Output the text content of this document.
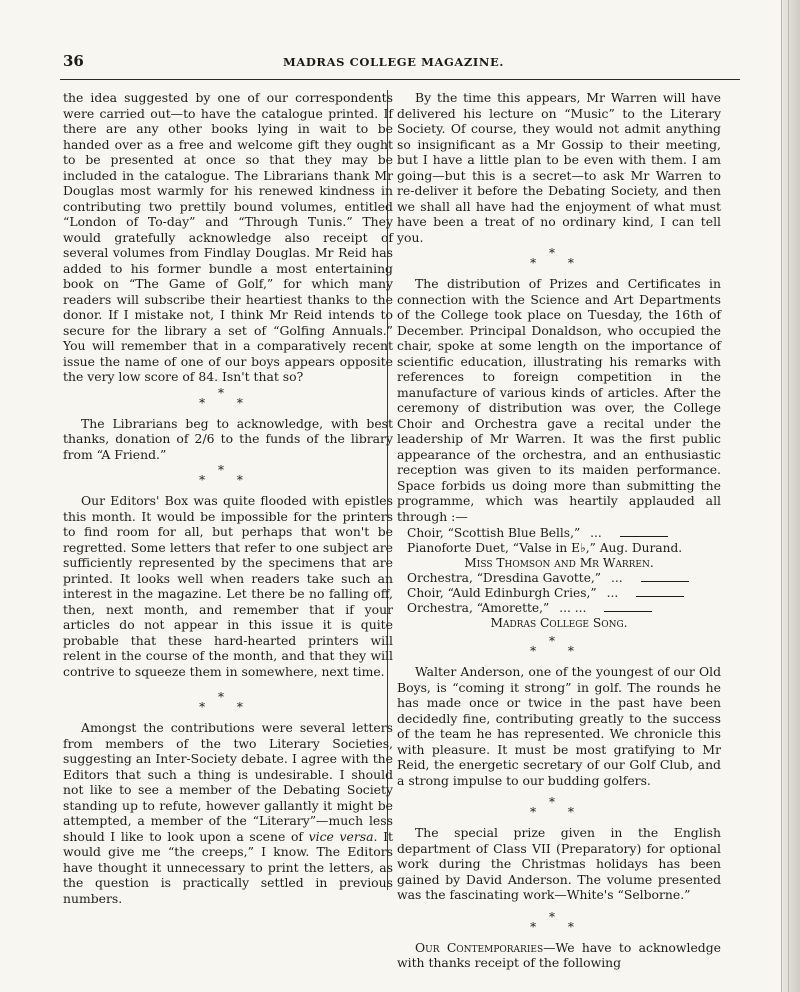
36	MADRAS COLLEGE MAGAZINE.

the idea suggested by one of our correspondents were carried out—to have the catalogue printed. If there are any other books lying in wait to be handed over as a free and welcome gift they ought to be presented at once so that they may be included in the catalogue. The Librarians thank Mr Douglas most warmly for his renewed kindness in contributing two prettily bound volumes, entitled “London of To-day” and “Through Tunis.” They would gratefully acknowledge also receipt of several volumes from Findlay Douglas. Mr Reid has added to his former bundle a most entertaining book on “The Game of Golf,” for which many readers will subscribe their heartiest thanks to the donor. If I mistake not, I think Mr Reid intends to secure for the library a set of “Golfing Annuals.” You will remember that in a comparatively recent issue the name of one of our boys appears opposite the very low score of 84. Isn't that so?

*
* *

The Librarians beg to acknowledge, with best thanks, donation of 2/6 to the funds of the library from “A Friend.”

*
* *

Our Editors' Box was quite flooded with epistles this month. It would be impossible for the printers to find room for all, but perhaps that won't be regretted. Some letters that refer to one subject are sufficiently represented by the specimens that are printed. It looks well when readers take such an interest in the magazine. Let there be no falling off, then, next month, and remember that if your articles do not appear in this issue it is quite probable that these hard-hearted printers will relent in the course of the month, and that they will contrive to squeeze them in somewhere, next time.

*
* *

Amongst the contributions were several letters from members of the two Literary Societies, suggesting an Inter-Society debate. I agree with the Editors that such a thing is undesirable. I should not like to see a member of the Debating Society standing up to refute, however gallantly it might be attempted, a member of the “Literary”—much less should I like to look upon a scene of vice versa. It would give me “the creeps,” I know. The Editors have thought it unnecessary to print the letters, as the question is practically settled in previous numbers.

By the time this appears, Mr Warren will have delivered his lecture on “Music” to the Literary Society. Of course, they would not admit anything so insignificant as a Mr Gossip to their meeting, but I have a little plan to be even with them. I am going—but this is a secret—to ask Mr Warren to re-deliver it before the Debating Society, and then we shall all have had the enjoyment of what must have been a treat of no ordinary kind, I can tell you.

*
* *

The distribution of Prizes and Certificates in connection with the Science and Art Departments of the College took place on Tuesday, the 16th of December. Principal Donaldson, who occupied the chair, spoke at some length on the importance of scientific education, illustrating his remarks with references to foreign competition in the manufacture of various kinds of articles. After the ceremony of distribution was over, the College Choir and Orchestra gave a recital under the leadership of Mr Warren. It was the first public appearance of the orchestra, and an enthusiastic reception was given to its maiden performance. Space forbids us doing more than submitting the programme, which was heartily applauded all through :—

Choir, “Scottish Blue Bells,” ...
Pianoforte Duet, “Valse in E♭,” Aug. Durand.
Miss Thomson and Mr Warren.
Orchestra, “Dresdina Gavotte,” ...
Choir, “Auld Edinburgh Cries,” ...
Orchestra, “Amorette,” ... ...
Madras College Song.
*
* *

Walter Anderson, one of the youngest of our Old Boys, is “coming it strong” in golf. The rounds he has made once or twice in the past have been decidedly fine, contributing greatly to the success of the team he has represented. We chronicle this with pleasure. It must be most gratifying to Mr Reid, the energetic secretary of our Golf Club, and a strong impulse to our budding golfers.

*
* *

The special prize given in the English department of Class VII (Preparatory) for optional work during the Christmas holidays has been gained by David Anderson. The volume presented was the fascinating work—White's “Selborne.”

*
* *

Our Contemporaries—We have to acknowledge with thanks receipt of the following
